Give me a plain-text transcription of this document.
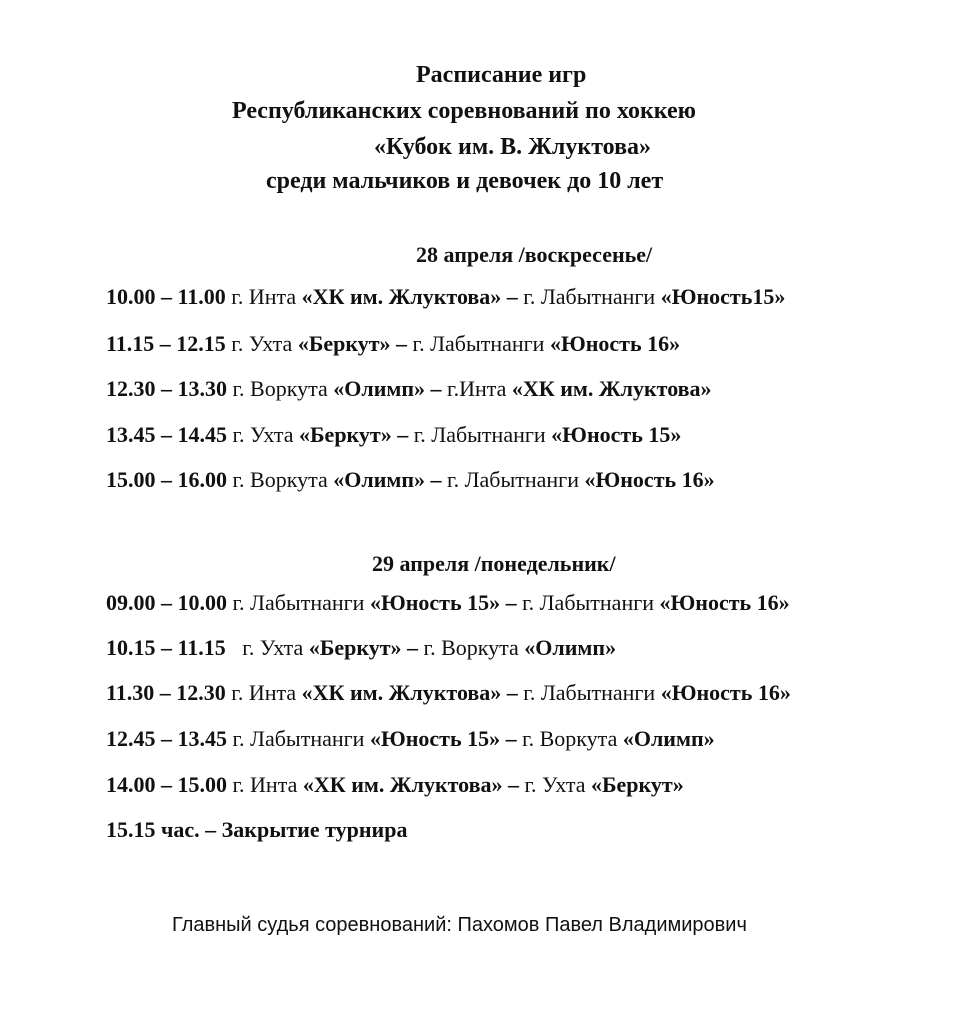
Расписание игр
Республиканских соревнований по хоккею
«Кубок им. В. Жлуктова»
среди мальчиков и девочек до 10 лет
28 апреля /воскресенье/
10.00 – 11.00 г. Инта «ХК им. Жлуктова» – г. Лабытнанги «Юность15»
11.15 – 12.15 г. Ухта «Беркут» – г. Лабытнанги «Юность 16»
12.30 – 13.30 г. Воркута «Олимп» – г.Инта «ХК им. Жлуктова»
13.45 – 14.45 г. Ухта «Беркут» – г. Лабытнанги «Юность 15»
15.00 – 16.00 г. Воркута «Олимп» – г. Лабытнанги «Юность 16»
29 апреля /понедельник/
09.00 – 10.00 г. Лабытнанги «Юность 15» – г. Лабытнанги «Юность 16»
10.15 – 11.15   г. Ухта «Беркут» – г. Воркута «Олимп»
11.30 – 12.30 г. Инта «ХК им. Жлуктова» – г. Лабытнанги «Юность 16»
12.45 – 13.45 г. Лабытнанги «Юность 15» – г. Воркута «Олимп»
14.00 – 15.00 г. Инта «ХК им. Жлуктова» – г. Ухта «Беркут»
15.15 час. – Закрытие турнира
Главный судья соревнований: Пахомов Павел Владимирович
